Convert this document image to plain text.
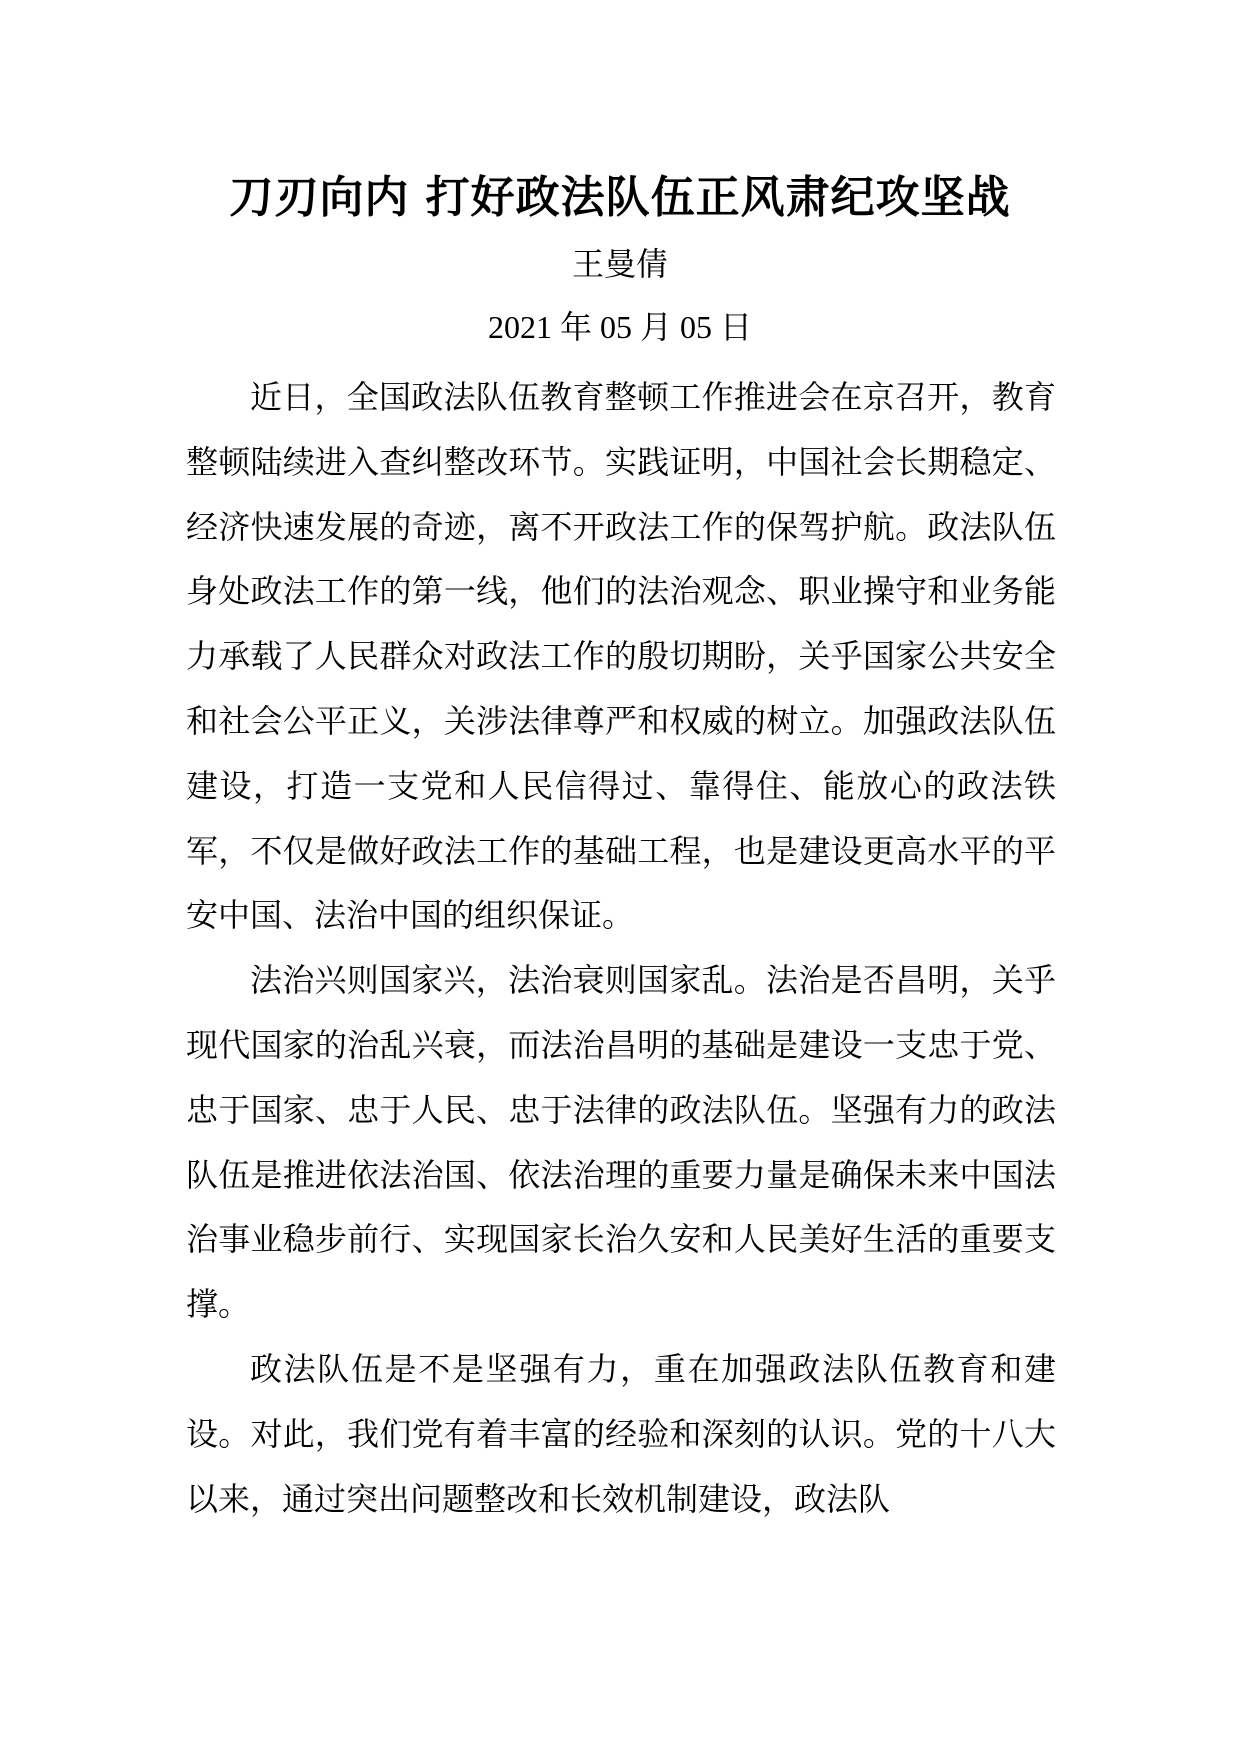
刀刃向内 打好政法队伍正风肃纪攻坚战
王曼倩
2021 年 05 月 05 日

近日，全国政法队伍教育整顿工作推进会在京召开，教育整顿陆续进入查纠整改环节。实践证明，中国社会长期稳定、经济快速发展的奇迹，离不开政法工作的保驾护航。政法队伍身处政法工作的第一线，他们的法治观念、职业操守和业务能力承载了人民群众对政法工作的殷切期盼，关乎国家公共安全和社会公平正义，关涉法律尊严和权威的树立。加强政法队伍建设，打造一支党和人民信得过、靠得住、能放心的政法铁军，不仅是做好政法工作的基础工程，也是建设更高水平的平安中国、法治中国的组织保证。

法治兴则国家兴，法治衰则国家乱。法治是否昌明，关乎现代国家的治乱兴衰，而法治昌明的基础是建设一支忠于党、忠于国家、忠于人民、忠于法律的政法队伍。坚强有力的政法队伍是推进依法治国、依法治理的重要力量是确保未来中国法治事业稳步前行、实现国家长治久安和人民美好生活的重要支撑。

政法队伍是不是坚强有力，重在加强政法队伍教育和建设。对此，我们党有着丰富的经验和深刻的认识。党的十八大以来，通过突出问题整改和长效机制建设，政法队
